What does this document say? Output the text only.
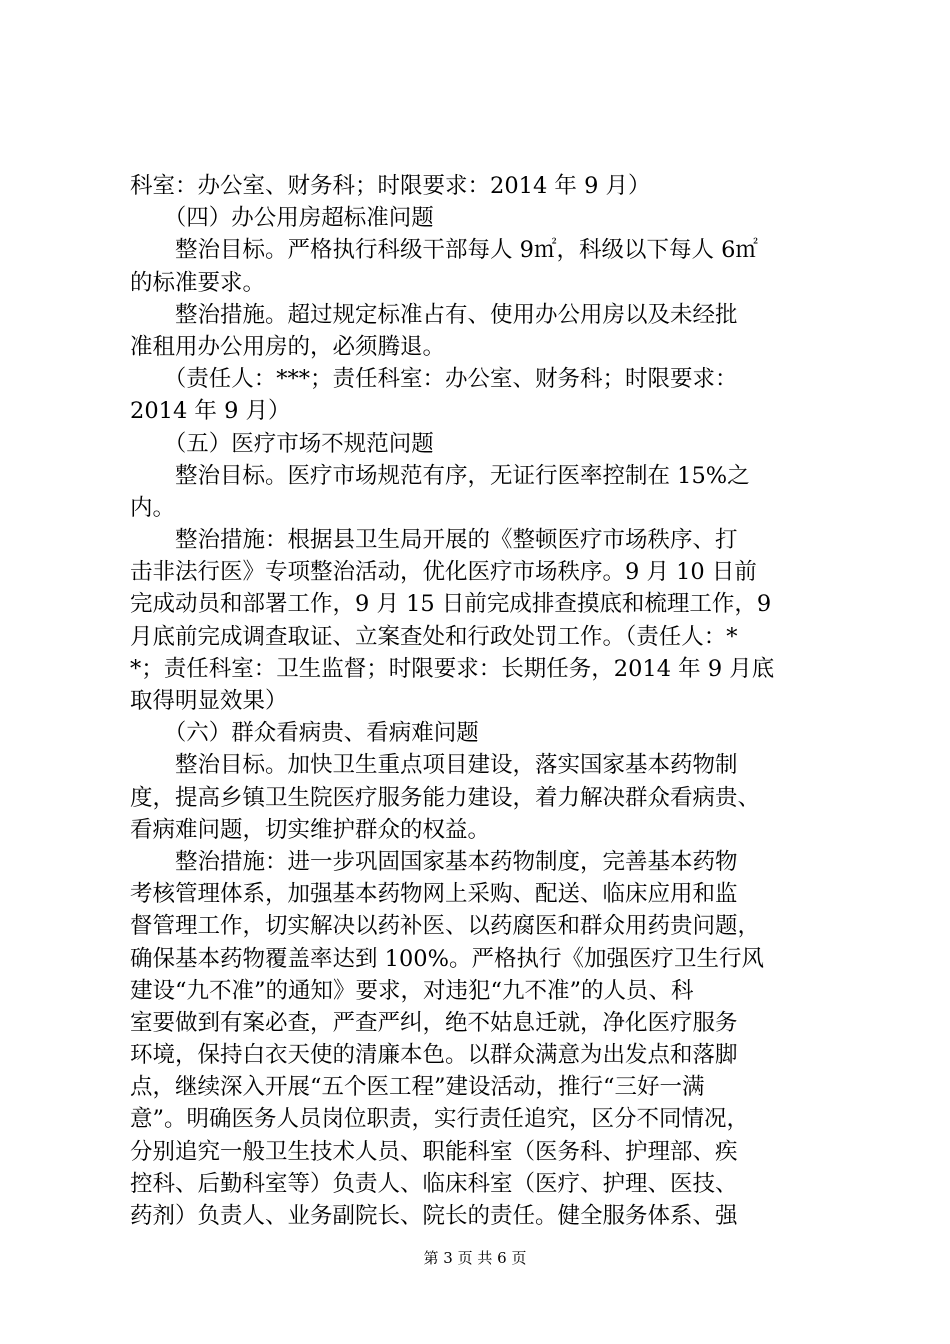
科室：办公室、财务科；时限要求：2014 年 9 月）
　　（四）办公用房超标准问题
　　整治目标。严格执行科级干部每人 9㎡，科级以下每人 6㎡
的标准要求。
　　整治措施。超过规定标准占有、使用办公用房以及未经批
准租用办公用房的，必须腾退。
　　（责任人：***；责任科室：办公室、财务科；时限要求：
2014 年 9 月）
　　（五）医疗市场不规范问题
　　整治目标。医疗市场规范有序，无证行医率控制在 15%之
内。
　　整治措施：根据县卫生局开展的《整顿医疗市场秩序、打
击非法行医》专项整治活动，优化医疗市场秩序。9 月 10 日前
完成动员和部署工作，9 月 15 日前完成排查摸底和梳理工作，9
月底前完成调查取证、立案查处和行政处罚工作。（责任人：*
*；责任科室：卫生监督；时限要求：长期任务，2014 年 9 月底
取得明显效果）
　　（六）群众看病贵、看病难问题
　　整治目标。加快卫生重点项目建设，落实国家基本药物制
度，提高乡镇卫生院医疗服务能力建设，着力解决群众看病贵、
看病难问题，切实维护群众的权益。
　　整治措施：进一步巩固国家基本药物制度，完善基本药物
考核管理体系，加强基本药物网上采购、配送、临床应用和监
督管理工作，切实解决以药补医、以药腐医和群众用药贵问题，
确保基本药物覆盖率达到 100%。严格执行《加强医疗卫生行风
建设“九不准”的通知》要求，对违犯“九不准”的人员、科
室要做到有案必查，严查严纠，绝不姑息迁就，净化医疗服务
环境，保持白衣天使的清廉本色。以群众满意为出发点和落脚
点，继续深入开展“五个医工程”建设活动，推行“三好一满
意”。明确医务人员岗位职责，实行责任追究，区分不同情况，
分别追究一般卫生技术人员、职能科室（医务科、护理部、疾
控科、后勤科室等）负责人、临床科室（医疗、护理、医技、
药剂）负责人、业务副院长、院长的责任。健全服务体系、强
第 3 页 共 6 页
